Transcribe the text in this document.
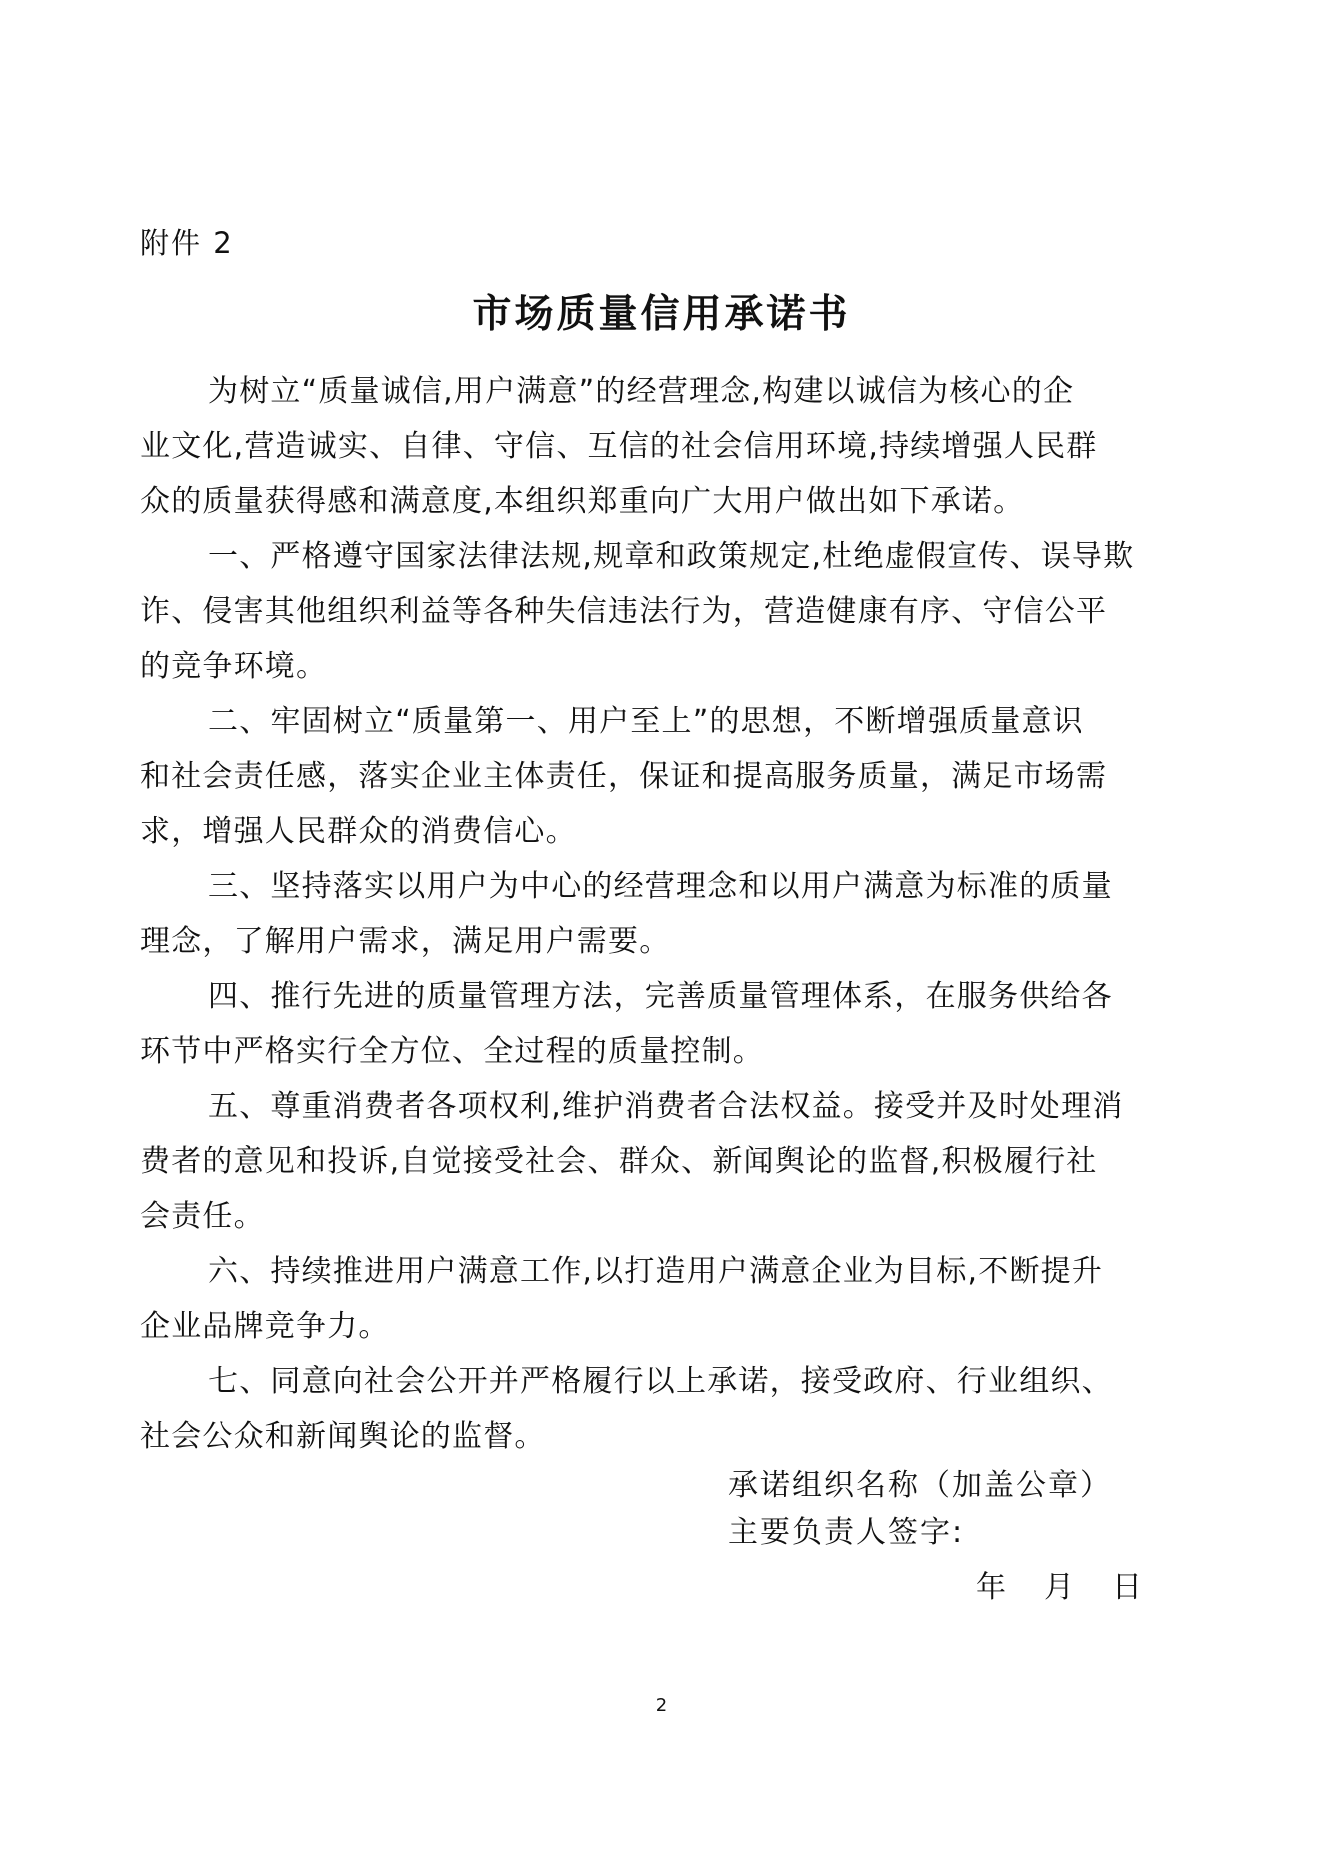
附件 2
市场质量信用承诺书

为树立“质量诚信,用户满意”的经营理念,构建以诚信为核心的企
业文化,营造诚实、自律、守信、互信的社会信用环境,持续增强人民群
众的质量获得感和满意度,本组织郑重向广大用户做出如下承诺。

一、严格遵守国家法律法规,规章和政策规定,杜绝虚假宣传、误导欺
诈、侵害其他组织利益等各种失信违法行为，营造健康有序、守信公平
的竞争环境。

二、牢固树立“质量第一、用户至上”的思想，不断增强质量意识
和社会责任感，落实企业主体责任，保证和提高服务质量，满足市场需
求，增强人民群众的消费信心。

三、坚持落实以用户为中心的经营理念和以用户满意为标准的质量
理念，了解用户需求，满足用户需要。

四、推行先进的质量管理方法，完善质量管理体系，在服务供给各
环节中严格实行全方位、全过程的质量控制。

五、尊重消费者各项权利,维护消费者合法权益。接受并及时处理消
费者的意见和投诉,自觉接受社会、群众、新闻舆论的监督,积极履行社
会责任。

六、持续推进用户满意工作,以打造用户满意企业为目标,不断提升
企业品牌竞争力。

七、同意向社会公开并严格履行以上承诺，接受政府、行业组织、
社会公众和新闻舆论的监督。

承诺组织名称（加盖公章）
主要负责人签字:
年 月 日
2
